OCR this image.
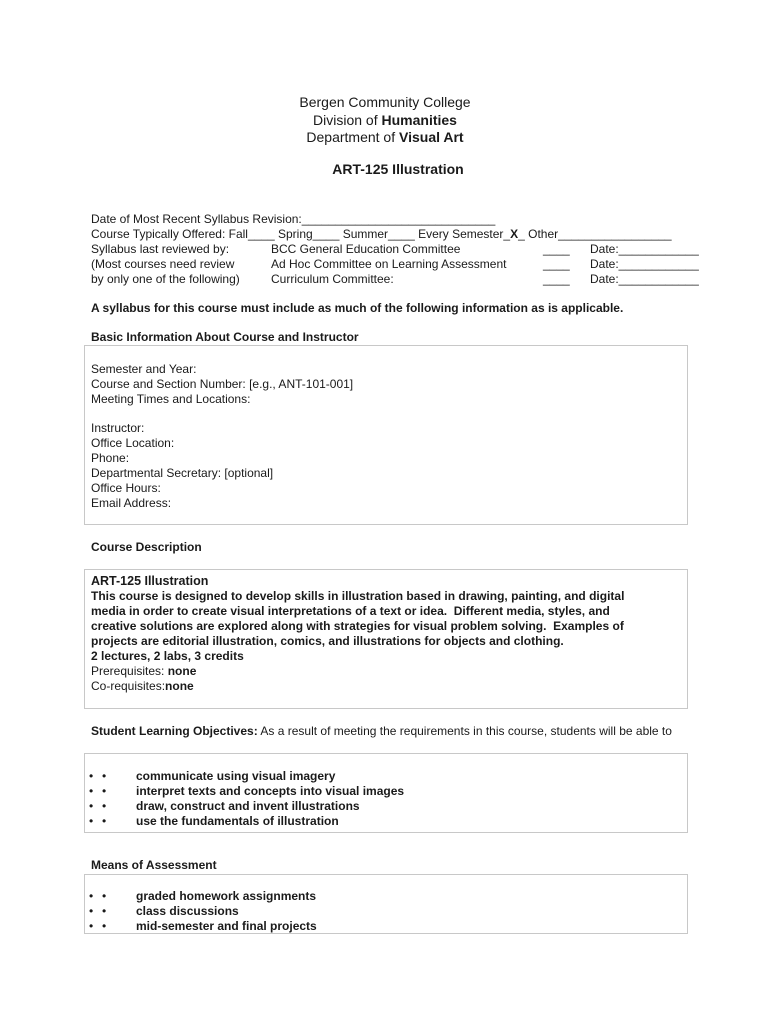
Bergen Community College
Division of Humanities
Department of Visual Art
ART-125 Illustration
Date of Most Recent Syllabus Revision:_____________________________
Course Typically Offered: Fall____ Spring____ Summer____ Every Semester_X_ Other_________________
Syllabus last reviewed by:
(Most courses need review
by only one of the following)
BCC General Education Committee
Ad Hoc Committee on Learning Assessment
Curriculum Committee:
____
____
____
Date:____________
Date:____________
Date:____________
A syllabus for this course must include as much of the following information as is applicable.
Basic Information About Course and Instructor
Semester and Year:
Course and Section Number: [e.g., ANT-101-001]
Meeting Times and Locations:
Instructor:
Office Location:
Phone:
Departmental Secretary: [optional]
Office Hours:
Email Address:
Course Description
ART-125 Illustration
This course is designed to develop skills in illustration based in drawing, painting, and digital
media in order to create visual interpretations of a text or idea.  Different media, styles, and
creative solutions are explored along with strategies for visual problem solving.  Examples of
projects are editorial illustration, comics, and illustrations for objects and clothing.
2 lectures, 2 labs, 3 credits
Prerequisites: none
Co-requisites:none
Student Learning Objectives: As a result of meeting the requirements in this course, students will be able to
• • communicate using visual imagery
• • interpret texts and concepts into visual images
• • draw, construct and invent illustrations
• • use the fundamentals of illustration
Means of Assessment
• • graded homework assignments
• • class discussions
• • mid-semester and final projects
